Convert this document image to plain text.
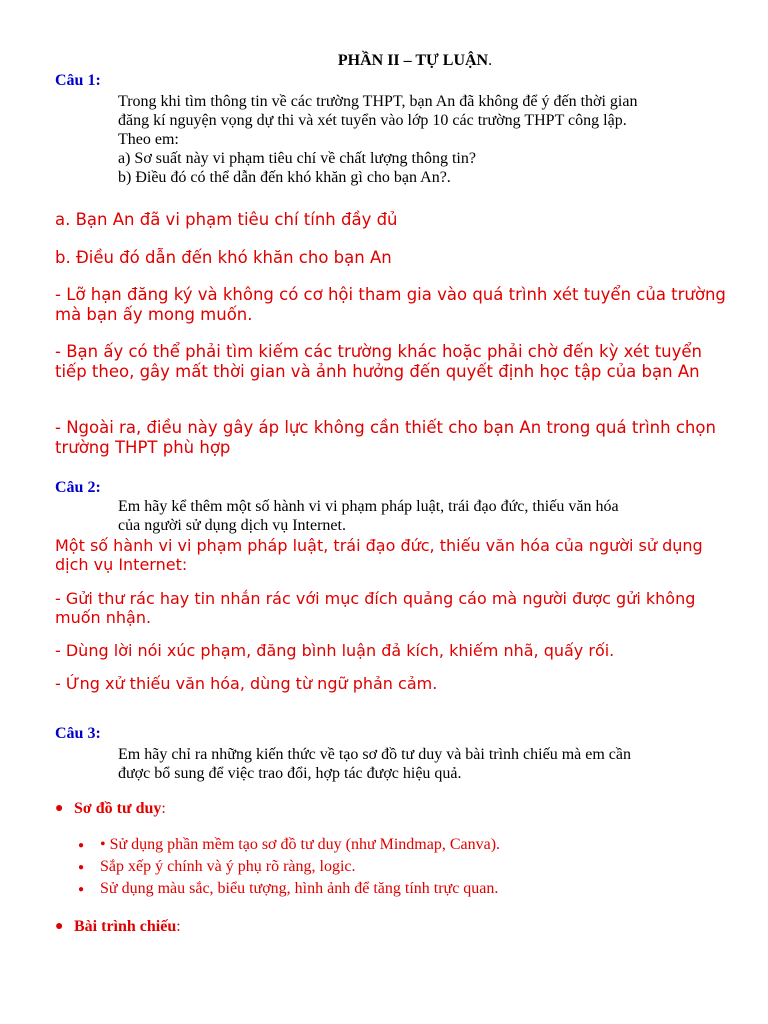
PHẦN II – TỰ LUẬN.
Câu 1:
Trong khi tìm thông tin về các trường THPT, bạn An đã không để ý đến thời gian
đăng kí nguyện vọng dự thi và xét tuyển vào lớp 10 các trường THPT công lập.
Theo em:
a) Sơ suất này vi phạm tiêu chí về chất lượng thông tin?
b) Điều đó có thể dẫn đến khó khăn gì cho bạn An?.
a. Bạn An đã vi phạm tiêu chí tính đầy đủ
b. Điều đó dẫn đến khó khăn cho bạn An
- Lỡ hạn đăng ký và không có cơ hội tham gia vào quá trình xét tuyển của trường mà bạn ấy mong muốn.
- Bạn ấy có thể phải tìm kiếm các trường khác hoặc phải chờ đến kỳ xét tuyển tiếp theo, gây mất thời gian và ảnh hưởng đến quyết định học tập của bạn An
- Ngoài ra, điều này gây áp lực không cần thiết cho bạn An trong quá trình chọn trường THPT phù hợp
Câu 2:
Em hãy kể thêm một số hành vi vi phạm pháp luật, trái đạo đức, thiếu văn hóa
của người sử dụng dịch vụ Internet.
Một số hành vi vi phạm pháp luật, trái đạo đức, thiếu văn hóa của người sử dụng dịch vụ Internet:
- Gửi thư rác hay tin nhắn rác với mục đích quảng cáo mà người được gửi không muốn nhận.
- Dùng lời nói xúc phạm, đăng bình luận đả kích, khiếm nhã, quấy rối.
- Ứng xử thiếu văn hóa, dùng từ ngữ phản cảm.
Câu 3:
Em hãy chỉ ra những kiến thức về tạo sơ đồ tư duy và bài trình chiếu mà em cần
được bổ sung để việc trao đổi, hợp tác được hiệu quả.
● Sơ đồ tư duy:
● • Sử dụng phần mềm tạo sơ đồ tư duy (như Mindmap, Canva).
● Sắp xếp ý chính và ý phụ rõ ràng, logic.
● Sử dụng màu sắc, biểu tượng, hình ảnh để tăng tính trực quan.
● Bài trình chiếu:
